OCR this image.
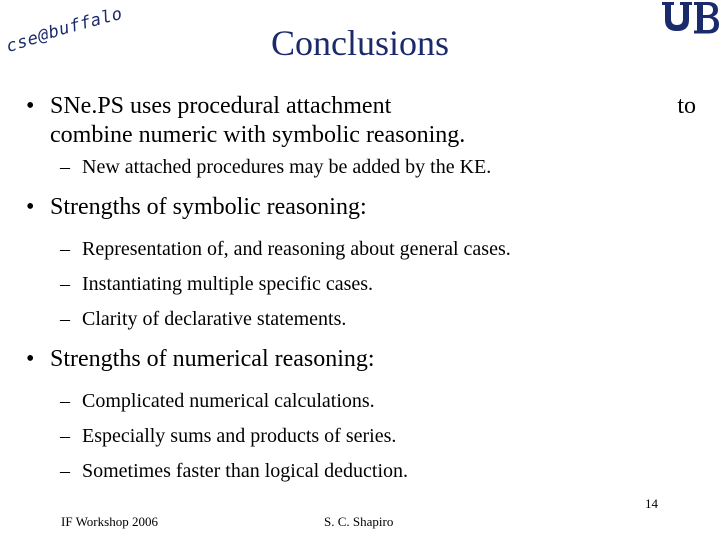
cse@buffalo
Conclusions
• SNe.PS uses procedural attachment	to
combine numeric with symbolic reasoning.
– New attached procedures may be added by the KE.
• Strengths of symbolic reasoning:
– Representation of, and reasoning about general cases.
– Instantiating multiple specific cases.
– Clarity of declarative statements.
• Strengths of numerical reasoning:
– Complicated numerical calculations.
– Especially sums and products of series.
– Sometimes faster than logical deduction.
14
IF Workshop 2006	S. C. Shapiro
